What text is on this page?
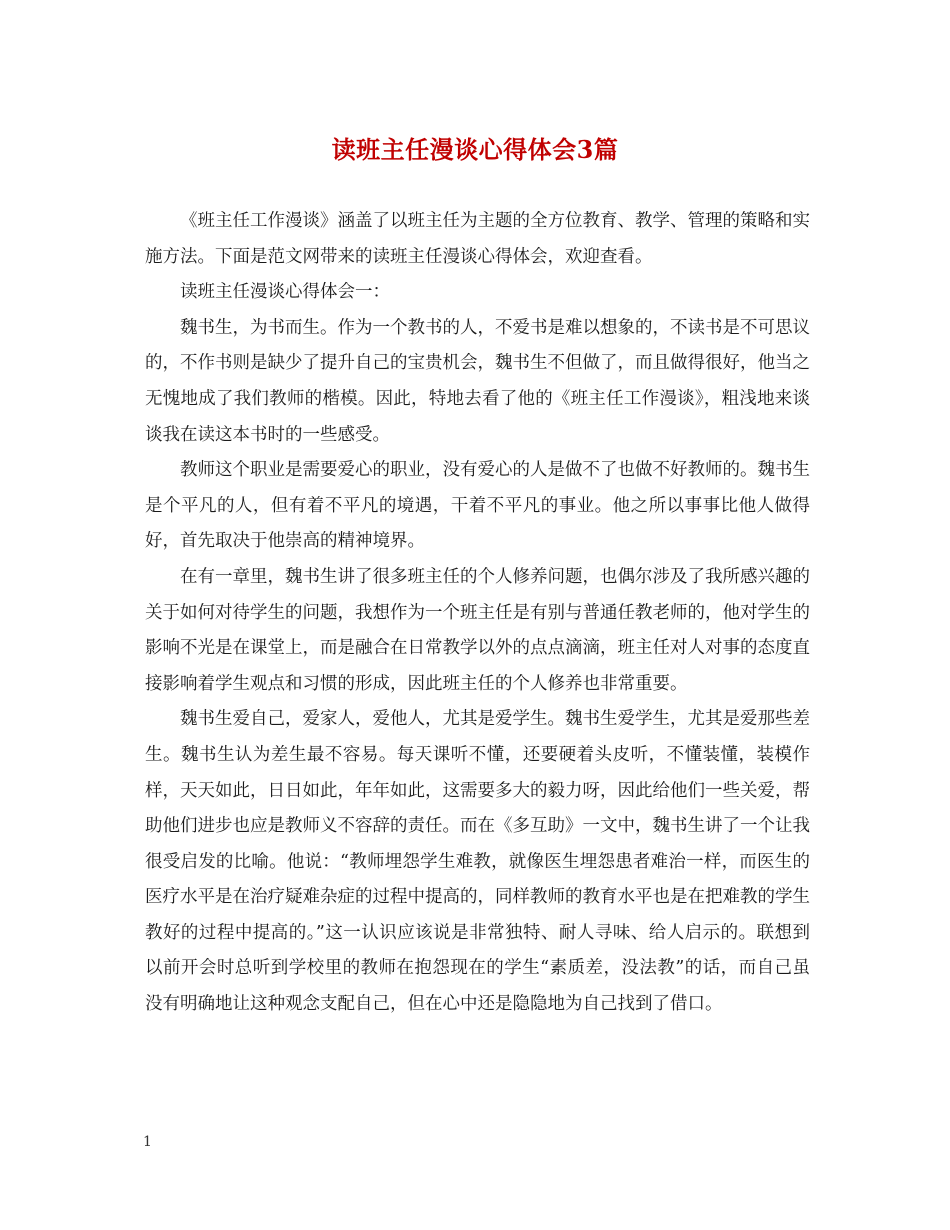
读班主任漫谈心得体会3篇

《班主任工作漫谈》涵盖了以班主任为主题的全方位教育、教学、管理的策略和实施方法。下面是范文网带来的读班主任漫谈心得体会，欢迎查看。

读班主任漫谈心得体会一：

魏书生，为书而生。作为一个教书的人，不爱书是难以想象的，不读书是不可思议的，不作书则是缺少了提升自己的宝贵机会，魏书生不但做了，而且做得很好，他当之无愧地成了我们教师的楷模。因此，特地去看了他的《班主任工作漫谈》，粗浅地来谈谈我在读这本书时的一些感受。

教师这个职业是需要爱心的职业，没有爱心的人是做不了也做不好教师的。魏书生是个平凡的人，但有着不平凡的境遇，干着不平凡的事业。他之所以事事比他人做得好，首先取决于他崇高的精神境界。

在有一章里，魏书生讲了很多班主任的个人修养问题，也偶尔涉及了我所感兴趣的关于如何对待学生的问题，我想作为一个班主任是有别与普通任教老师的，他对学生的影响不光是在课堂上，而是融合在日常教学以外的点点滴滴，班主任对人对事的态度直接影响着学生观点和习惯的形成，因此班主任的个人修养也非常重要。

魏书生爱自己，爱家人，爱他人，尤其是爱学生。魏书生爱学生，尤其是爱那些差生。魏书生认为差生最不容易。每天课听不懂，还要硬着头皮听，不懂装懂，装模作样，天天如此，日日如此，年年如此，这需要多大的毅力呀，因此给他们一些关爱，帮助他们进步也应是教师义不容辞的责任。而在《多互助》一文中，魏书生讲了一个让我很受启发的比喻。他说：“教师埋怨学生难教，就像医生埋怨患者难治一样，而医生的医疗水平是在治疗疑难杂症的过程中提高的，同样教师的教育水平也是在把难教的学生教好的过程中提高的。”这一认识应该说是非常独特、耐人寻味、给人启示的。联想到以前开会时总听到学校里的教师在抱怨现在的学生“素质差，没法教”的话，而自己虽没有明确地让这种观念支配自己，但在心中还是隐隐地为自己找到了借口。

1
